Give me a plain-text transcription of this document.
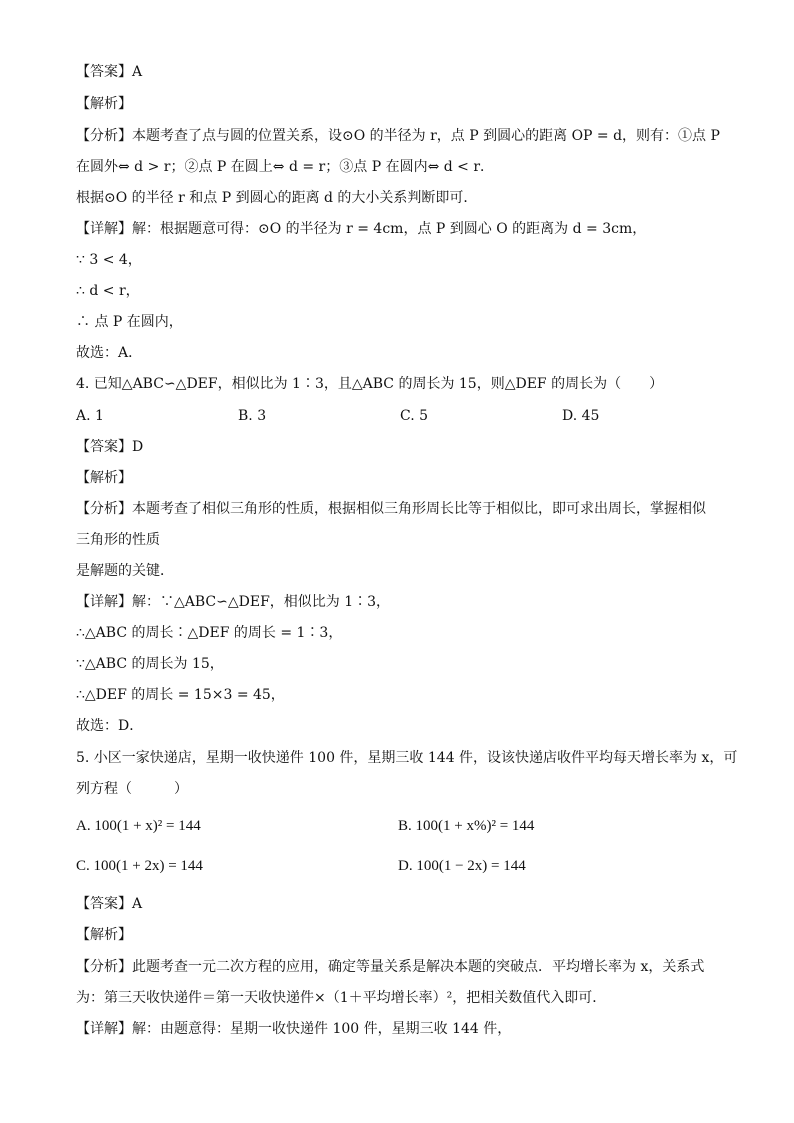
【答案】A
【解析】
【分析】本题考查了点与圆的位置关系，设⊙O 的半径为 r，点 P 到圆心的距离 OP = d，则有：①点 P
在圆外⇔ d > r；②点 P 在圆上⇔ d = r；③点 P 在圆内⇔ d < r．
根据⊙O 的半径 r 和点 P 到圆心的距离 d 的大小关系判断即可．
【详解】解：根据题意可得：⊙O 的半径为 r = 4cm，点 P 到圆心 O 的距离为 d = 3cm，
∵ 3 < 4，
∴ d < r，
∴ 点 P 在圆内，
故选：A．
4. 已知△ABC∽△DEF，相似比为 1∶3，且△ABC 的周长为 15，则△DEF 的周长为（　　）
A. 1	B. 3	C. 5	D. 45
【答案】D
【解析】
【分析】本题考查了相似三角形的性质，根据相似三角形周长比等于相似比，即可求出周长，掌握相似
三角形的性质
是解题的关键．
【详解】解：∵△ABC∽△DEF，相似比为 1∶3，
∴△ABC 的周长∶△DEF 的周长 = 1∶3，
∵△ABC 的周长为 15，
∴△DEF 的周长 = 15×3 = 45，
故选：D．
5. 小区一家快递店，星期一收快递件 100 件，星期三收 144 件，设该快递店收件平均每天增长率为 x，可
列方程（　　　）
A. 100(1 + x)² = 144	B. 100(1 + x%)² = 144
C. 100(1 + 2x) = 144	D. 100(1 − 2x) = 144
【答案】A
【解析】
【分析】此题考查一元二次方程的应用，确定等量关系是解决本题的突破点．平均增长率为 x，关系式
为：第三天收快递件＝第一天收快递件×（1＋平均增长率）²，把相关数值代入即可．
【详解】解：由题意得：星期一收快递件 100 件，星期三收 144 件，
